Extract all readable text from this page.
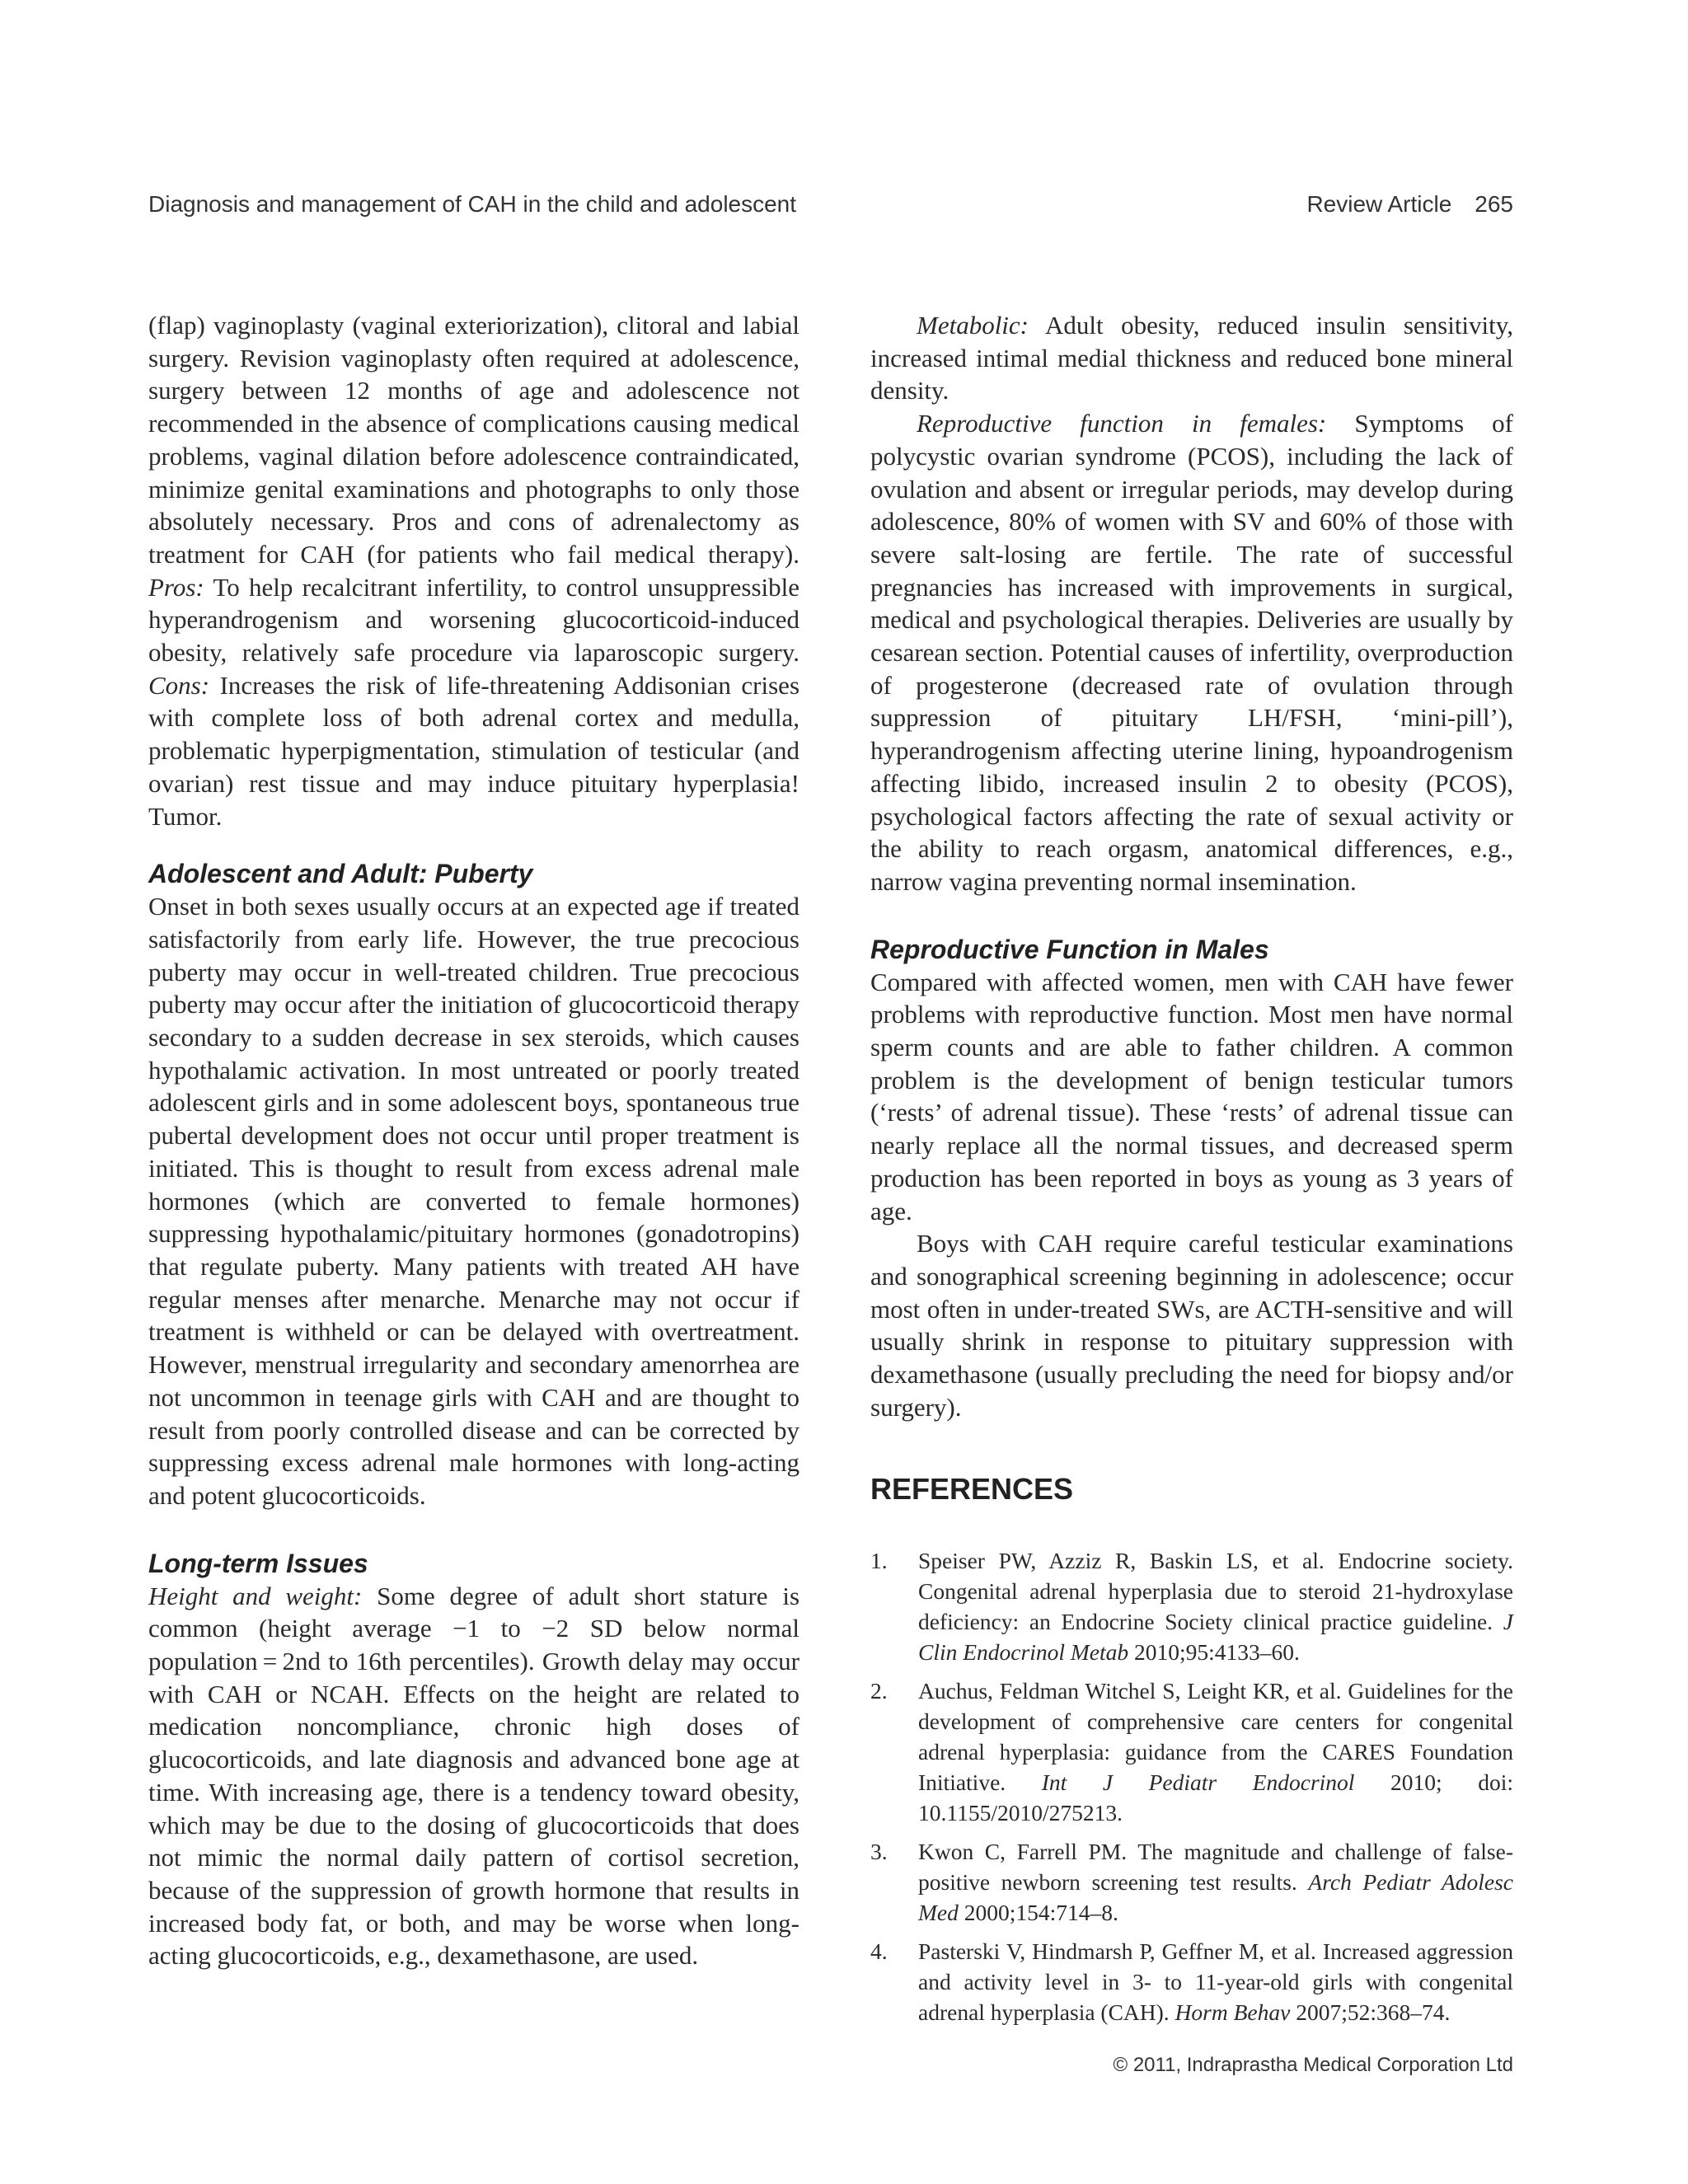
Diagnosis and management of CAH in the child and adolescent	Review Article 265

(flap) vaginoplasty (vaginal exteriorization), clitoral and labial surgery. Revision vaginoplasty often required at adolescence, surgery between 12 months of age and adolescence not recommended in the absence of complications causing medical problems, vaginal dilation before adolescence contraindicated, minimize genital examinations and photographs to only those absolutely necessary. Pros and cons of adrenalectomy as treatment for CAH (for patients who fail medical therapy). Pros: To help recalcitrant infertility, to control unsuppressible hyperandrogenism and worsening glucocorticoid-induced obesity, relatively safe procedure via laparoscopic surgery. Cons: Increases the risk of life-threatening Addisonian crises with complete loss of both adrenal cortex and medulla, problematic hyperpigmentation, stimulation of testicular (and ovarian) rest tissue and may induce pituitary hyperplasia! Tumor.

Adolescent and Adult: Puberty

Onset in both sexes usually occurs at an expected age if treated satisfactorily from early life. However, the true precocious puberty may occur in well-treated children. True precocious puberty may occur after the initiation of glucocorticoid therapy secondary to a sudden decrease in sex steroids, which causes hypothalamic activation. In most untreated or poorly treated adolescent girls and in some adolescent boys, spontaneous true pubertal development does not occur until proper treatment is initiated. This is thought to result from excess adrenal male hormones (which are converted to female hormones) suppressing hypothalamic/pituitary hormones (gonadotropins) that regulate puberty. Many patients with treated AH have regular menses after menarche. Menarche may not occur if treatment is withheld or can be delayed with overtreatment. However, menstrual irregularity and secondary amenorrhea are not uncommon in teenage girls with CAH and are thought to result from poorly controlled disease and can be corrected by suppressing excess adrenal male hormones with long-acting and potent glucocorticoids.

Long-term Issues

Height and weight: Some degree of adult short stature is common (height average −1 to −2 SD below normal population = 2nd to 16th percentiles). Growth delay may occur with CAH or NCAH. Effects on the height are related to medication noncompliance, chronic high doses of glucocorticoids, and late diagnosis and advanced bone age at time. With increasing age, there is a tendency toward obesity, which may be due to the dosing of glucocorticoids that does not mimic the normal daily pattern of cortisol secretion, because of the suppression of growth hormone that results in increased body fat, or both, and may be worse when long-acting glucocorticoids, e.g., dexamethasone, are used.

Metabolic: Adult obesity, reduced insulin sensitivity, increased intimal medial thickness and reduced bone mineral density.

Reproductive function in females: Symptoms of polycystic ovarian syndrome (PCOS), including the lack of ovulation and absent or irregular periods, may develop during adolescence, 80% of women with SV and 60% of those with severe salt-losing are fertile. The rate of successful pregnancies has increased with improvements in surgical, medical and psychological therapies. Deliveries are usually by cesarean section. Potential causes of infertility, overproduction of progesterone (decreased rate of ovulation through suppression of pituitary LH/FSH, ‘mini-pill’), hyperandrogenism affecting uterine lining, hypoandrogenism affecting libido, increased insulin 2 to obesity (PCOS), psychological factors affecting the rate of sexual activity or the ability to reach orgasm, anatomical differences, e.g., narrow vagina preventing normal insemination.

Reproductive Function in Males

Compared with affected women, men with CAH have fewer problems with reproductive function. Most men have normal sperm counts and are able to father children. A common problem is the development of benign testicular tumors (‘rests’ of adrenal tissue). These ‘rests’ of adrenal tissue can nearly replace all the normal tissues, and decreased sperm production has been reported in boys as young as 3 years of age.

Boys with CAH require careful testicular examinations and sonographical screening beginning in adolescence; occur most often in under-treated SWs, are ACTH-sensitive and will usually shrink in response to pituitary suppression with dexamethasone (usually precluding the need for biopsy and/or surgery).

REFERENCES
1. Speiser PW, Azziz R, Baskin LS, et al. Endocrine society. Congenital adrenal hyperplasia due to steroid 21-hydroxylase deficiency: an Endocrine Society clinical practice guideline. J Clin Endocrinol Metab 2010;95:4133–60.
2. Auchus, Feldman Witchel S, Leight KR, et al. Guidelines for the development of comprehensive care centers for congenital adrenal hyperplasia: guidance from the CARES Foundation Initiative. Int J Pediatr Endocrinol 2010; doi: 10.1155/2010/275213.
3. Kwon C, Farrell PM. The magnitude and challenge of false-positive newborn screening test results. Arch Pediatr Adolesc Med 2000;154:714–8.
4. Pasterski V, Hindmarsh P, Geffner M, et al. Increased aggression and activity level in 3- to 11-year-old girls with congenital adrenal hyperplasia (CAH). Horm Behav 2007;52:368–74.
© 2011, Indraprastha Medical Corporation Ltd
